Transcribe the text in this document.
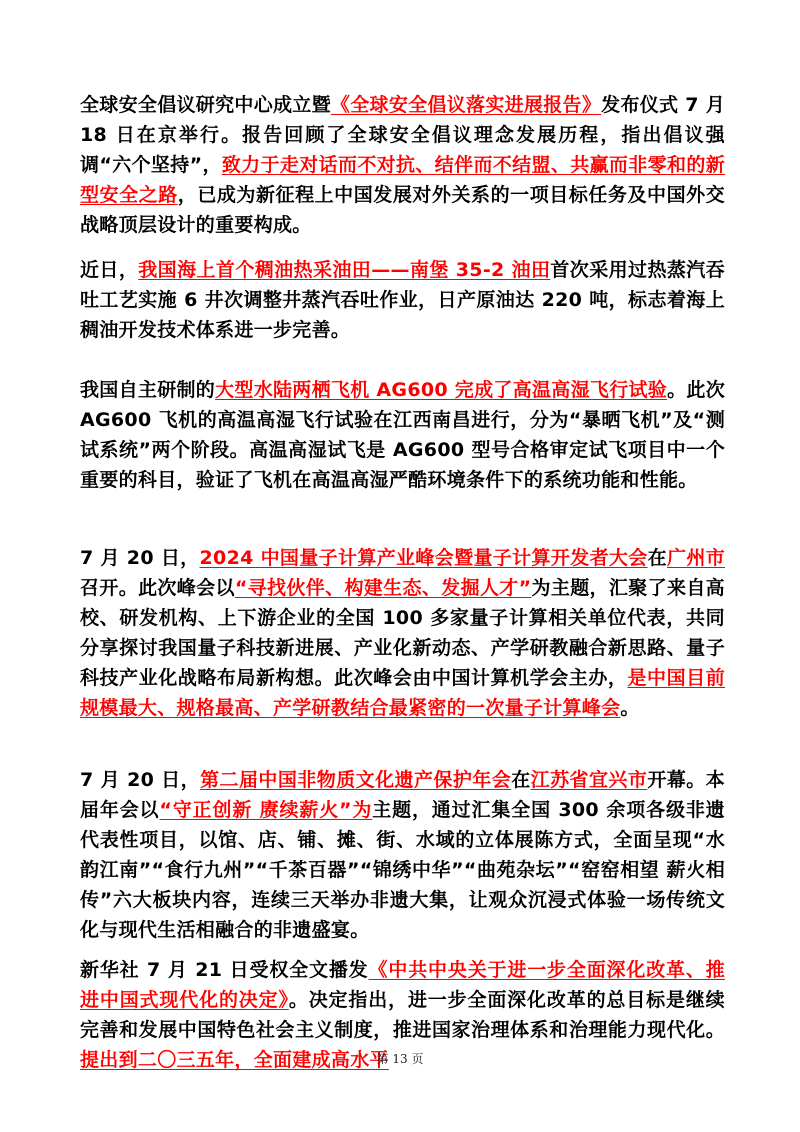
全球安全倡议研究中心成立暨《全球安全倡议落实进展报告》发布仪式 7 月 18 日在京举行。报告回顾了全球安全倡议理念发展历程，指出倡议强调“六个坚持”，致力于走对话而不对抗、结伴而不结盟、共赢而非零和的新型安全之路，已成为新征程上中国发展对外关系的一项目标任务及中国外交战略顶层设计的重要构成。

近日，我国海上首个稠油热采油田——南堡 35-2 油田首次采用过热蒸汽吞吐工艺实施 6 井次调整井蒸汽吞吐作业，日产原油达 220 吨，标志着海上稠油开发技术体系进一步完善。

我国自主研制的大型水陆两栖飞机 AG600 完成了高温高湿飞行试验。此次 AG600 飞机的高温高湿飞行试验在江西南昌进行，分为“暴晒飞机”及“测试系统”两个阶段。高温高湿试飞是 AG600 型号合格审定试飞项目中一个重要的科目，验证了飞机在高温高湿严酷环境条件下的系统功能和性能。

7 月 20 日，2024 中国量子计算产业峰会暨量子计算开发者大会在广州市召开。此次峰会以“寻找伙伴、构建生态、发掘人才”为主题，汇聚了来自高校、研发机构、上下游企业的全国 100 多家量子计算相关单位代表，共同分享探讨我国量子科技新进展、产业化新动态、产学研教融合新思路、量子科技产业化战略布局新构想。此次峰会由中国计算机学会主办，是中国目前规模最大、规格最高、产学研教结合最紧密的一次量子计算峰会。

7 月 20 日，第二届中国非物质文化遗产保护年会在江苏省宜兴市开幕。本届年会以“守正创新 赓续薪火”为主题，通过汇集全国 300 余项各级非遗代表性项目，以馆、店、铺、摊、街、水域的立体展陈方式，全面呈现“水韵江南”“食行九州”“千茶百器”“锦绣中华”“曲苑杂坛”“窑窑相望 薪火相传”六大板块内容，连续三天举办非遗大集，让观众沉浸式体验一场传统文化与现代生活相融合的非遗盛宴。

新华社 7 月 21 日受权全文播发《中共中央关于进一步全面深化改革、推进中国式现代化的决定》。决定指出，进一步全面深化改革的总目标是继续完善和发展中国特色社会主义制度，推进国家治理体系和治理能力现代化。提出到二〇三五年，全面建成高水平

第 13 页
